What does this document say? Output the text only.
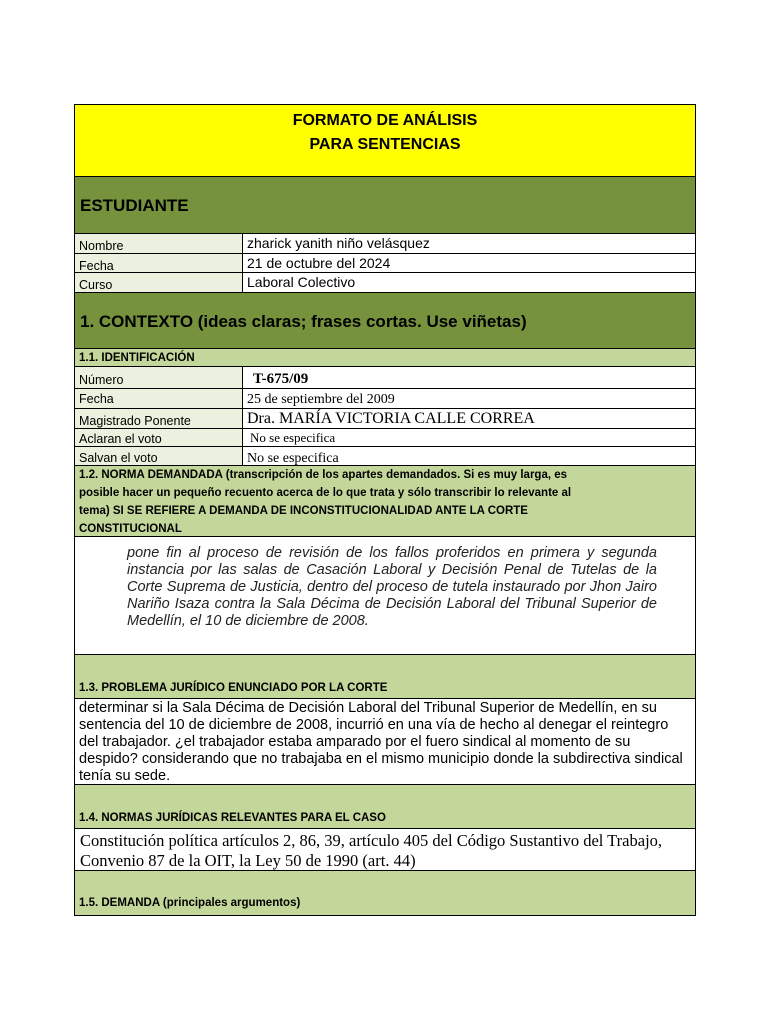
FORMATO DE ANÁLISIS
PARA SENTENCIAS
ESTUDIANTE
Nombre	zharick yanith niño velásquez
Fecha	21 de octubre del 2024
Curso	Laboral Colectivo
1. CONTEXTO (ideas claras; frases cortas. Use viñetas)
1.1. IDENTIFICACIÓN
Número	T-675/09
Fecha	25 de septiembre del 2009
Magistrado Ponente	Dra. MARÍA VICTORIA CALLE CORREA
Aclaran el voto	No se especifica
Salvan el voto	No se especifica
1.2. NORMA DEMANDADA (transcripción de los apartes demandados. Si es muy larga, es
posible hacer un pequeño recuento acerca de lo que trata y sólo transcribir lo relevante al
tema) SI SE REFIERE A DEMANDA DE INCONSTITUCIONALIDAD ANTE LA CORTE
CONSTITUCIONAL
pone fin al proceso de revisión de los fallos proferidos en primera y segunda instancia por las salas de Casación Laboral y Decisión Penal de Tutelas de la Corte Suprema de Justicia, dentro del proceso de tutela instaurado por Jhon Jairo Nariño Isaza contra la Sala Décima de Decisión Laboral del Tribunal Superior de Medellín, el 10 de diciembre de 2008.
1.3. PROBLEMA JURÍDICO ENUNCIADO POR LA CORTE
determinar si la Sala Décima de Decisión Laboral del Tribunal Superior de Medellín, en su sentencia del 10 de diciembre de 2008, incurrió en una vía de hecho al denegar el reintegro del trabajador. ¿el trabajador estaba amparado por el fuero sindical al momento de su despido? considerando que no trabajaba en el mismo municipio donde la subdirectiva sindical tenía su sede.
1.4. NORMAS JURÍDICAS RELEVANTES PARA EL CASO
Constitución política artículos 2, 86, 39, artículo 405 del Código Sustantivo del Trabajo, Convenio 87 de la OIT, la Ley 50 de 1990 (art. 44)
1.5. DEMANDA (principales argumentos)
